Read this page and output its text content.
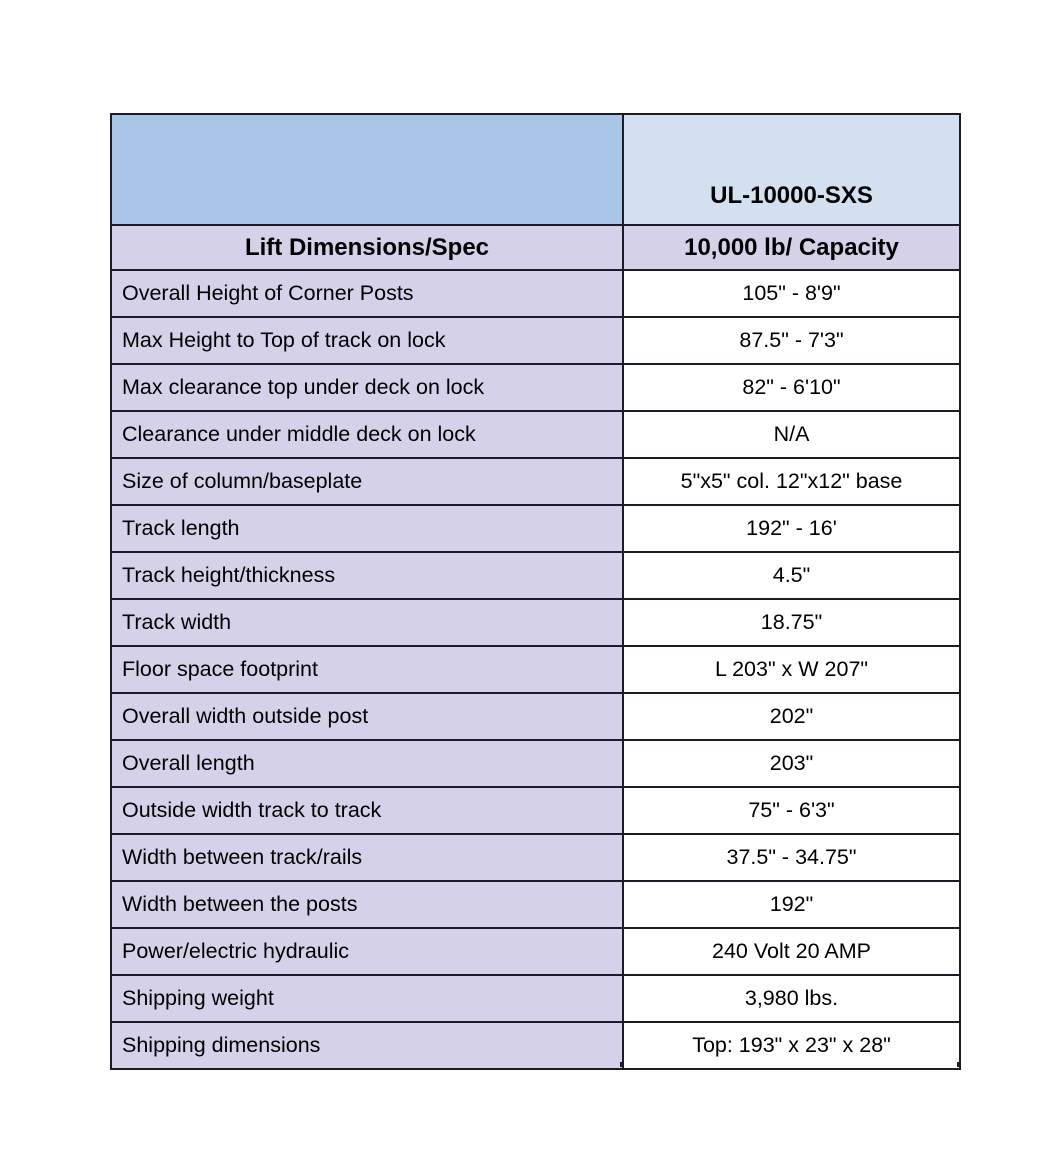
	UL-10000-SXS
Lift Dimensions/Spec	10,000 lb/ Capacity
Overall Height of Corner Posts	105" - 8'9"
Max Height to Top of track on lock	87.5" - 7'3"
Max clearance top under deck on lock	82" - 6'10"
Clearance under middle deck on lock	N/A
Size of column/baseplate	5"x5" col. 12"x12" base
Track length	192" - 16'
Track height/thickness	4.5"
Track width	18.75"
Floor space footprint	L 203" x W 207"
Overall width outside post	202"
Overall length	203"
Outside width track to track	75" - 6'3"
Width between track/rails	37.5" - 34.75"
Width between the posts	192"
Power/electric hydraulic	240 Volt 20 AMP
Shipping weight	3,980 lbs.
Shipping dimensions	Top: 193" x 23" x 28"
